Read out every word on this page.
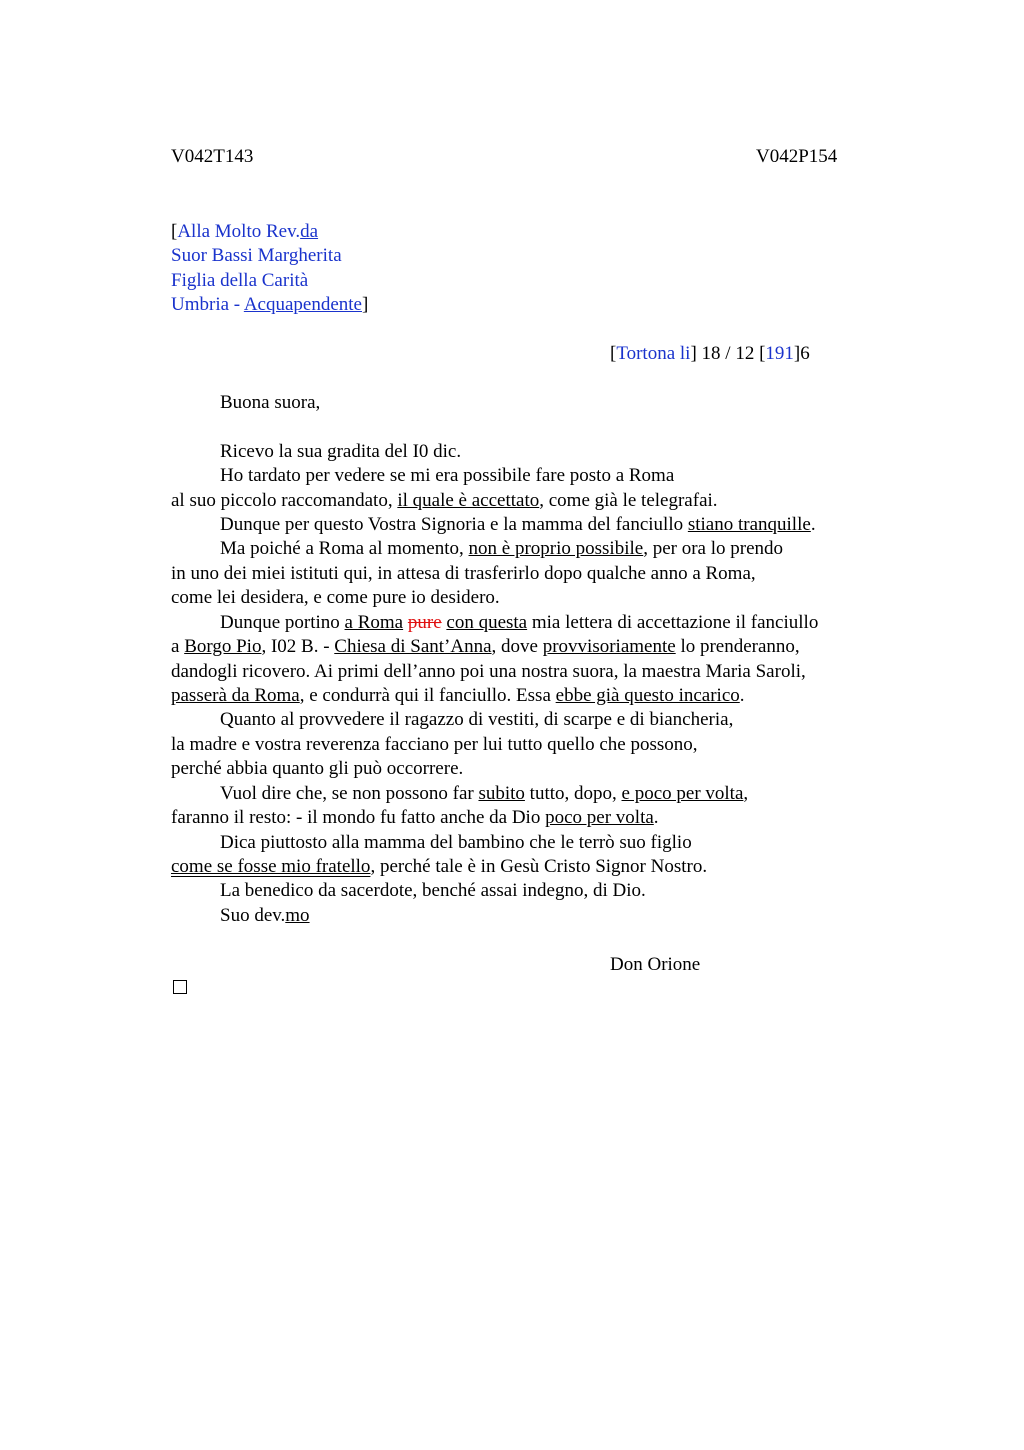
V042T143	V042P154
[Alla Molto Rev.da
Suor Bassi Margherita
Figlia della Carità
Umbria - Acquapendente]
[Tortona li] 18 / 12 [191]6
Buona suora,
Ricevo la sua gradita del I0 dic.
Ho tardato per vedere se mi era possibile fare posto a Roma
al suo piccolo raccomandato, il quale è accettato, come già le telegrafai.
Dunque per questo Vostra Signoria e la mamma del fanciullo stiano tranquille.
Ma poiché a Roma al momento, non è proprio possibile, per ora lo prendo
in uno dei miei istituti qui, in attesa di trasferirlo dopo qualche anno a Roma,
come lei desidera, e come pure io desidero.
Dunque portino a Roma pure con questa mia lettera di accettazione il fanciullo
a Borgo Pio, I02 B. - Chiesa di Sant’Anna, dove provvisoriamente lo prenderanno,
dandogli ricovero. Ai primi dell’anno poi una nostra suora, la maestra Maria Saroli,
passerà da Roma, e condurrà qui il fanciullo. Essa ebbe già questo incarico.
Quanto al provvedere il ragazzo di vestiti, di scarpe e di biancheria,
la madre e vostra reverenza facciano per lui tutto quello che possono,
perché abbia quanto gli può occorrere.
Vuol dire che, se non possono far subito tutto, dopo, e poco per volta,
faranno il resto: - il mondo fu fatto anche da Dio poco per volta.
Dica piuttosto alla mamma del bambino che le terrò suo figlio
come se fosse mio fratello, perché tale è in Gesù Cristo Signor Nostro.
La benedico da sacerdote, benché assai indegno, di Dio.
Suo dev.mo
Don Orione
